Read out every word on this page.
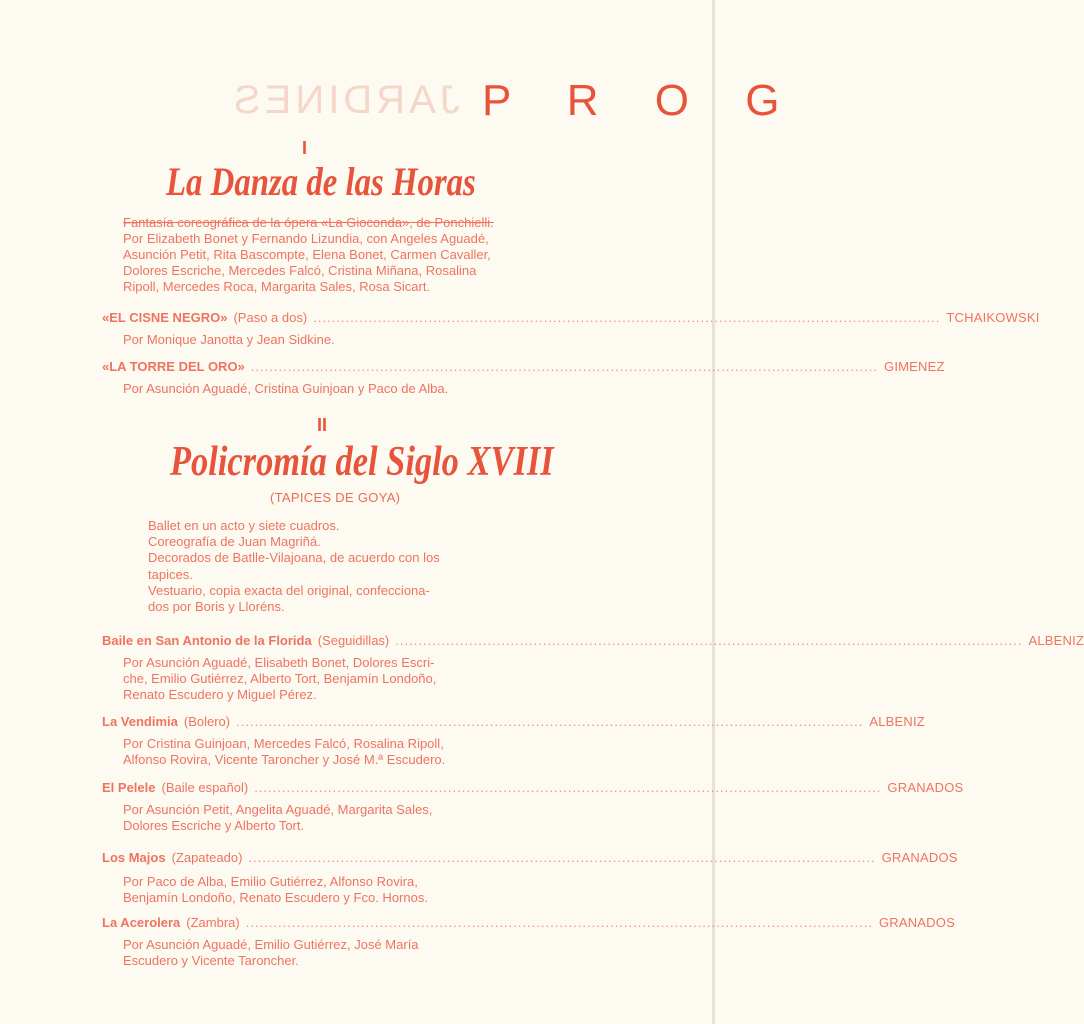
JARDINES P R O G
I
La Danza de las Horas
Fantasía coreográfica de la ópera «La Gioconda», de Ponchielli.
Por Elizabeth Bonet y Fernando Lizundia, con Angeles Aguadé,
Asunción Petit, Rita Bascompte, Elena Bonet, Carmen Cavaller,
Dolores Escriche, Mercedes Falcó, Cristina Miñana, Rosalina
Ripoll, Mercedes Roca, Margarita Sales, Rosa Sicart.
«EL CISNE NEGRO» (Paso a dos)
.....	TCHAIKOWSKI
Por Monique Janotta y Jean Sidkine.
«LA TORRE DEL ORO»
.....	GIMENEZ
Por Asunción Aguadé, Cristina Guinjoan y Paco de Alba.
II
Policromía del Siglo XVIII
(TAPICES DE GOYA)
Ballet en un acto y siete cuadros.
Coreografía de Juan Magriñá.
Decorados de Batlle-Vilajoana, de acuerdo con los
tapices.
Vestuario, copia exacta del original, confecciona-
dos por Boris y Lloréns.
Baile en San Antonio de la Florida (Seguidillas)
.....	ALBENIZ
Por Asunción Aguadé, Elisabeth Bonet, Dolores Escri-
che, Emilio Gutiérrez, Alberto Tort, Benjamín Londoño,
Renato Escudero y Miguel Pérez.
La Vendimia (Bolero)
.....	ALBENIZ
Por Cristina Guinjoan, Mercedes Falcó, Rosalina Ripoll,
Alfonso Rovira, Vicente Taroncher y José M.ª Escudero.
El Pelele (Baile español)
.....	GRANADOS
Por Asunción Petit, Angelita Aguadé, Margarita Sales,
Dolores Escriche y Alberto Tort.
Los Majos (Zapateado)
.....	GRANADOS
Por Paco de Alba, Emilio Gutiérrez, Alfonso Rovira,
Benjamín Londoño, Renato Escudero y Fco. Hornos.
La Acerolera (Zambra)
.....	GRANADOS
Por Asunción Aguadé, Emilio Gutiérrez, José María
Escudero y Vicente Taroncher.
